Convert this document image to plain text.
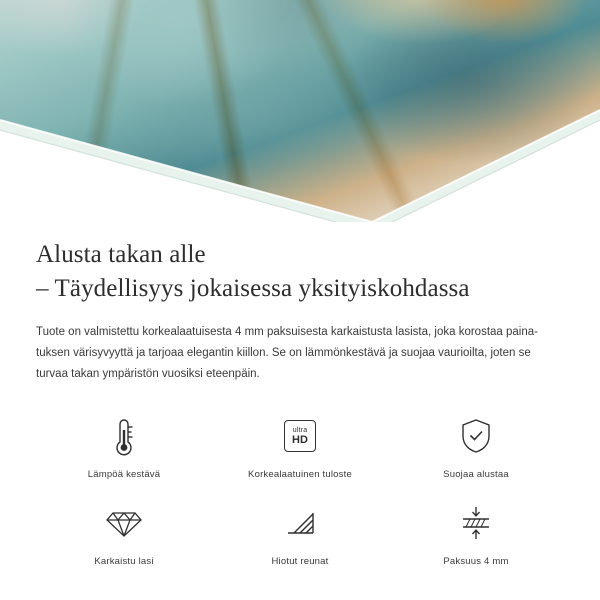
Alusta takan alle
– Täydellisyys jokaisessa yksityiskohdassa

Tuote on valmistettu korkealaatuisesta 4 mm paksuisesta karkaistusta lasista, joka korostaa paina-tuksen värisyvyyttä ja tarjoaa elegantin kiillon. Se on lämmönkestävä ja suojaa vaurioilta, joten se turvaa takan ympäristön vuosiksi eteenpäin.

Lämpöä kestävä
ultra
HD
Korkealaatuinen tuloste	Suojaa alustaa
Karkaistu lasi	Hiotut reunat	Paksuus 4 mm
